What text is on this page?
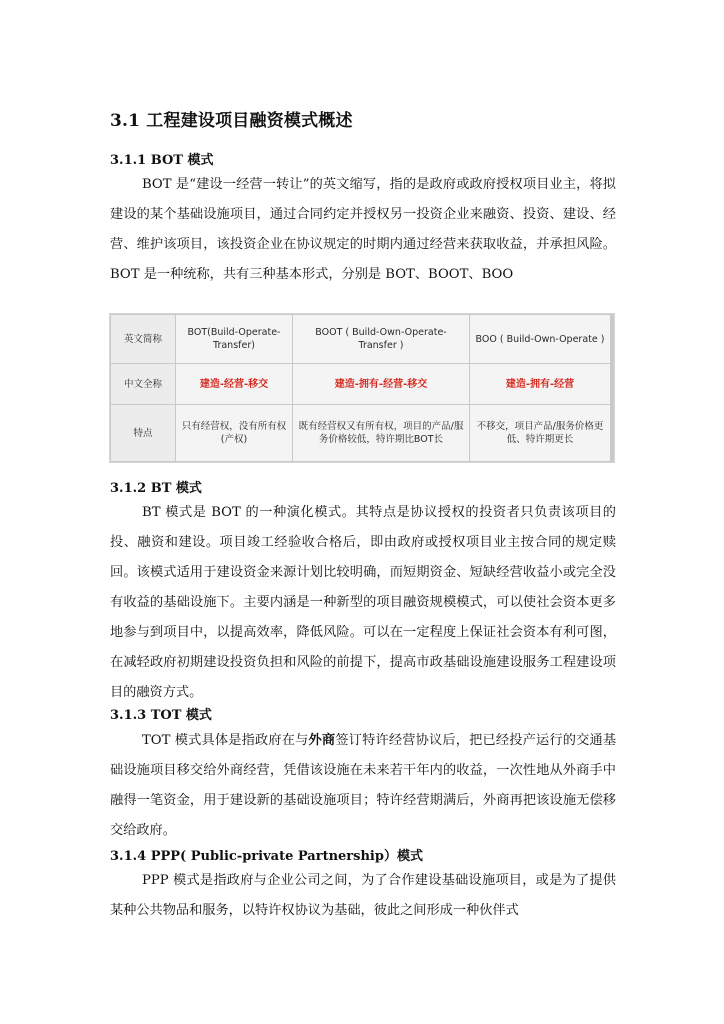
3.1 工程建设项目融资模式概述
3.1.1 BOT 模式
BOT 是“建设一经营一转让”的英文缩写，指的是政府或政府授权项目业主，将拟建设的某个基础设施项目，通过合同约定并授权另一投资企业来融资、投资、建设、经营、维护该项目，该投资企业在协议规定的时期内通过经营来获取收益，并承担风险。BOT 是一种统称，共有三种基本形式，分别是 BOT、BOOT、BOO
英文简称	BOT(Build-Operate-Transfer)	BOOT ( Build-Own-Operate-Transfer )	BOO ( Build-Own-Operate )
中文全称	建造-经营-移交	建造-拥有-经营-移交	建造-拥有-经营
特点	只有经营权，没有所有权(产权)	既有经营权又有所有权，项目的产品/服务价格较低，特许期比BOT长	不移交，项目产品/服务价格更低、特许期更长
3.1.2 BT 模式
BT 模式是 BOT 的一种演化模式。其特点是协议授权的投资者只负责该项目的投、融资和建设。项目竣工经验收合格后，即由政府或授权项目业主按合同的规定赎回。该模式适用于建设资金来源计划比较明确，而短期资金、短缺经营收益小或完全没有收益的基础设施下。主要内涵是一种新型的项目融资规模模式，可以使社会资本更多地参与到项目中，以提高效率，降低风险。可以在一定程度上保证社会资本有利可图，在减轻政府初期建设投资负担和风险的前提下，提高市政基础设施建设服务工程建设项目的融资方式。
3.1.3 TOT 模式
TOT 模式具体是指政府在与外商签订特许经营协议后，把已经投产运行的交通基础设施项目移交给外商经营，凭借该设施在未来若干年内的收益，一次性地从外商手中融得一笔资金，用于建设新的基础设施项目；特许经营期满后，外商再把该设施无偿移交给政府。
3.1.4 PPP( Public-private Partnership）模式
PPP 模式是指政府与企业公司之间，为了合作建设基础设施项目，或是为了提供某种公共物品和服务，以特许权协议为基础，彼此之间形成一种伙伴式
